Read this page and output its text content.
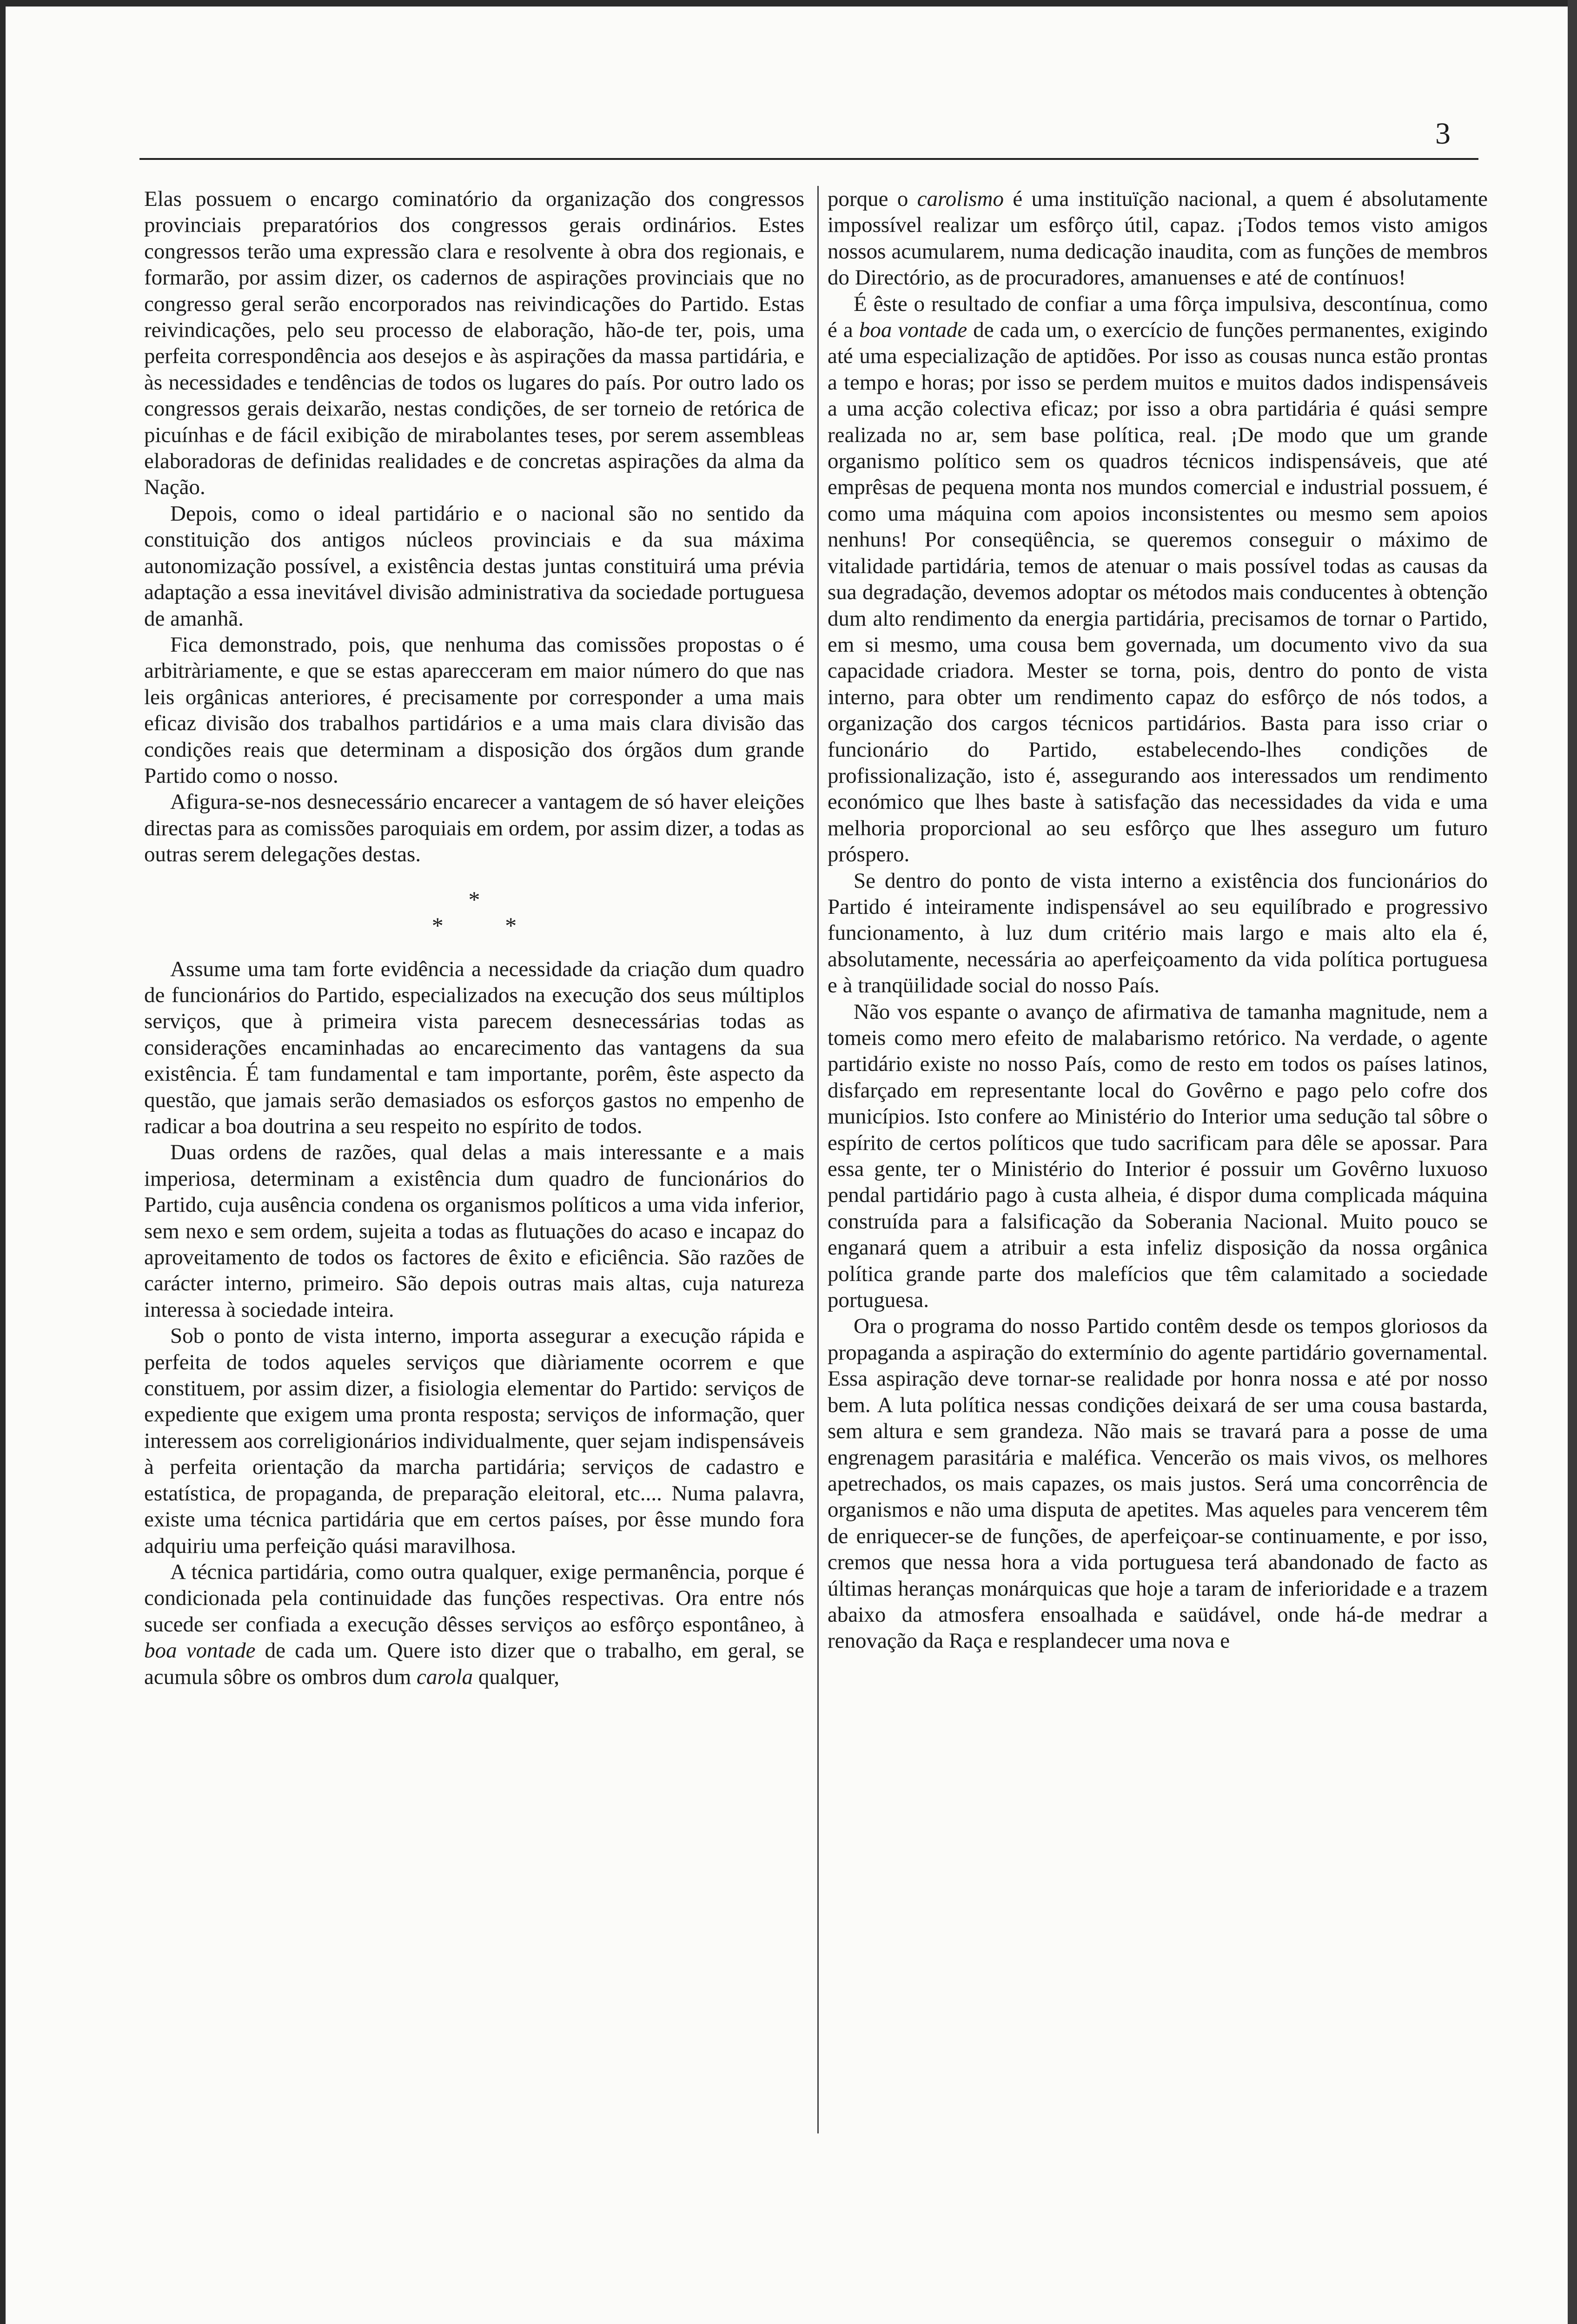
3

Elas possuem o encargo cominatório da organização dos congressos provinciais preparatórios dos congressos gerais ordinários. Estes congressos terão uma expressão clara e resolvente à obra dos regionais, e formarão, por assim dizer, os cadernos de aspirações provinciais que no congresso geral serão encorporados nas reivindicações do Partido. Estas reivindicações, pelo seu processo de elaboração, hão-de ter, pois, uma perfeita correspondência aos desejos e às aspirações da massa partidária, e às necessidades e tendências de todos os lugares do país. Por outro lado os congressos gerais deixarão, nestas condições, de ser torneio de retórica de picuínhas e de fácil exibição de mirabolantes teses, por serem assembleas elaboradoras de definidas realidades e de concretas aspirações da alma da Nação.

Depois, como o ideal partidário e o nacional são no sentido da constituição dos antigos núcleos provinciais e da sua máxima autonomização possível, a existência destas juntas constituirá uma prévia adaptação a essa inevitável divisão administrativa da sociedade portuguesa de amanhã.

Fica demonstrado, pois, que nenhuma das comissões propostas o é arbitràriamente, e que se estas aparecceram em maior número do que nas leis orgânicas anteriores, é precisamente por corresponder a uma mais eficaz divisão dos trabalhos partidários e a uma mais clara divisão das condições reais que determinam a disposição dos órgãos dum grande Partido como o nosso.

Afigura-se-nos desnecessário encarecer a vantagem de só haver eleições directas para as comissões paroquiais em ordem, por assim dizer, a todas as outras serem delegações destas.

*
* *

Assume uma tam forte evidência a necessidade da criação dum quadro de funcionários do Partido, especializados na execução dos seus múltiplos serviços, que à primeira vista parecem desnecessárias todas as considerações encaminhadas ao encarecimento das vantagens da sua existência. É tam fundamental e tam importante, porêm, êste aspecto da questão, que jamais serão demasiados os esforços gastos no empenho de radicar a boa doutrina a seu respeito no espírito de todos.

Duas ordens de razões, qual delas a mais interessante e a mais imperiosa, determinam a existência dum quadro de funcionários do Partido, cuja ausência condena os organismos políticos a uma vida inferior, sem nexo e sem ordem, sujeita a todas as flutuações do acaso e incapaz do aproveitamento de todos os factores de êxito e eficiência. São razões de carácter interno, primeiro. São depois outras mais altas, cuja natureza interessa à sociedade inteira.

Sob o ponto de vista interno, importa assegurar a execução rápida e perfeita de todos aqueles serviços que diàriamente ocorrem e que constituem, por assim dizer, a fisiologia elementar do Partido: serviços de expediente que exigem uma pronta resposta; serviços de informação, quer interessem aos correligionários individualmente, quer sejam indispensáveis à perfeita orientação da marcha partidária; serviços de cadastro e estatística, de propaganda, de preparação eleitoral, etc.... Numa palavra, existe uma técnica partidária que em certos países, por êsse mundo fora adquiriu uma perfeição quási maravilhosa.

A técnica partidária, como outra qualquer, exige permanência, porque é condicionada pela continuidade das funções respectivas. Ora entre nós sucede ser confiada a execução dêsses serviços ao esfôrço espontâneo, à boa vontade de cada um. Quere isto dizer que o trabalho, em geral, se acumula sôbre os ombros dum carola qualquer,

porque o carolismo é uma instituïção nacional, a quem é absolutamente impossível realizar um esfôrço útil, capaz. ¡Todos temos visto amigos nossos acumularem, numa dedicação inaudita, com as funções de membros do Directório, as de procuradores, amanuenses e até de contínuos!

É êste o resultado de confiar a uma fôrça impulsiva, descontínua, como é a boa vontade de cada um, o exercício de funções permanentes, exigindo até uma especialização de aptidões. Por isso as cousas nunca estão prontas a tempo e horas; por isso se perdem muitos e muitos dados indispensáveis a uma acção colectiva eficaz; por isso a obra partidária é quási sempre realizada no ar, sem base política, real. ¡De modo que um grande organismo político sem os quadros técnicos indispensáveis, que até emprêsas de pequena monta nos mundos comercial e industrial possuem, é como uma máquina com apoios inconsistentes ou mesmo sem apoios nenhuns! Por conseqüência, se queremos conseguir o máximo de vitalidade partidária, temos de atenuar o mais possível todas as causas da sua degradação, devemos adoptar os métodos mais conducentes à obtenção dum alto rendimento da energia partidária, precisamos de tornar o Partido, em si mesmo, uma cousa bem governada, um documento vivo da sua capacidade criadora. Mester se torna, pois, dentro do ponto de vista interno, para obter um rendimento capaz do esfôrço de nós todos, a organização dos cargos técnicos partidários. Basta para isso criar o funcionário do Partido, estabelecendo-lhes condições de profissionalização, isto é, assegurando aos interessados um rendimento económico que lhes baste à satisfação das necessidades da vida e uma melhoria proporcional ao seu esfôrço que lhes asseguro um futuro próspero.

Se dentro do ponto de vista interno a existência dos funcionários do Partido é inteiramente indispensável ao seu equilíbrado e progressivo funcionamento, à luz dum critério mais largo e mais alto ela é, absolutamente, necessária ao aperfeiçoamento da vida política portuguesa e à tranqüilidade social do nosso País.

Não vos espante o avanço de afirmativa de tamanha magnitude, nem a tomeis como mero efeito de malabarismo retórico. Na verdade, o agente partidário existe no nosso País, como de resto em todos os países latinos, disfarçado em representante local do Govêrno e pago pelo cofre dos municípios. Isto confere ao Ministério do Interior uma sedução tal sôbre o espírito de certos políticos que tudo sacrificam para dêle se apossar. Para essa gente, ter o Ministério do Interior é possuir um Govêrno luxuoso pendal partidário pago à custa alheia, é dispor duma complicada máquina construída para a falsificação da Soberania Nacional. Muito pouco se enganará quem a atribuir a esta infeliz disposição da nossa orgânica política grande parte dos malefícios que têm calamitado a sociedade portuguesa.

Ora o programa do nosso Partido contêm desde os tempos gloriosos da propaganda a aspiração do extermínio do agente partidário governamental. Essa aspiração deve tornar-se realidade por honra nossa e até por nosso bem. A luta política nessas condições deixará de ser uma cousa bastarda, sem altura e sem grandeza. Não mais se travará para a posse de uma engrenagem parasitária e maléfica. Vencerão os mais vivos, os melhores apetrechados, os mais capazes, os mais justos. Será uma concorrência de organismos e não uma disputa de apetites. Mas aqueles para vencerem têm de enriquecer-se de funções, de aperfeiçoar-se continuamente, e por isso, cremos que nessa hora a vida portuguesa terá abandonado de facto as últimas heranças monárquicas que hoje a taram de inferioridade e a trazem abaixo da atmosfera ensoalhada e saüdável, onde há-de medrar a renovação da Raça e resplandecer uma nova e
